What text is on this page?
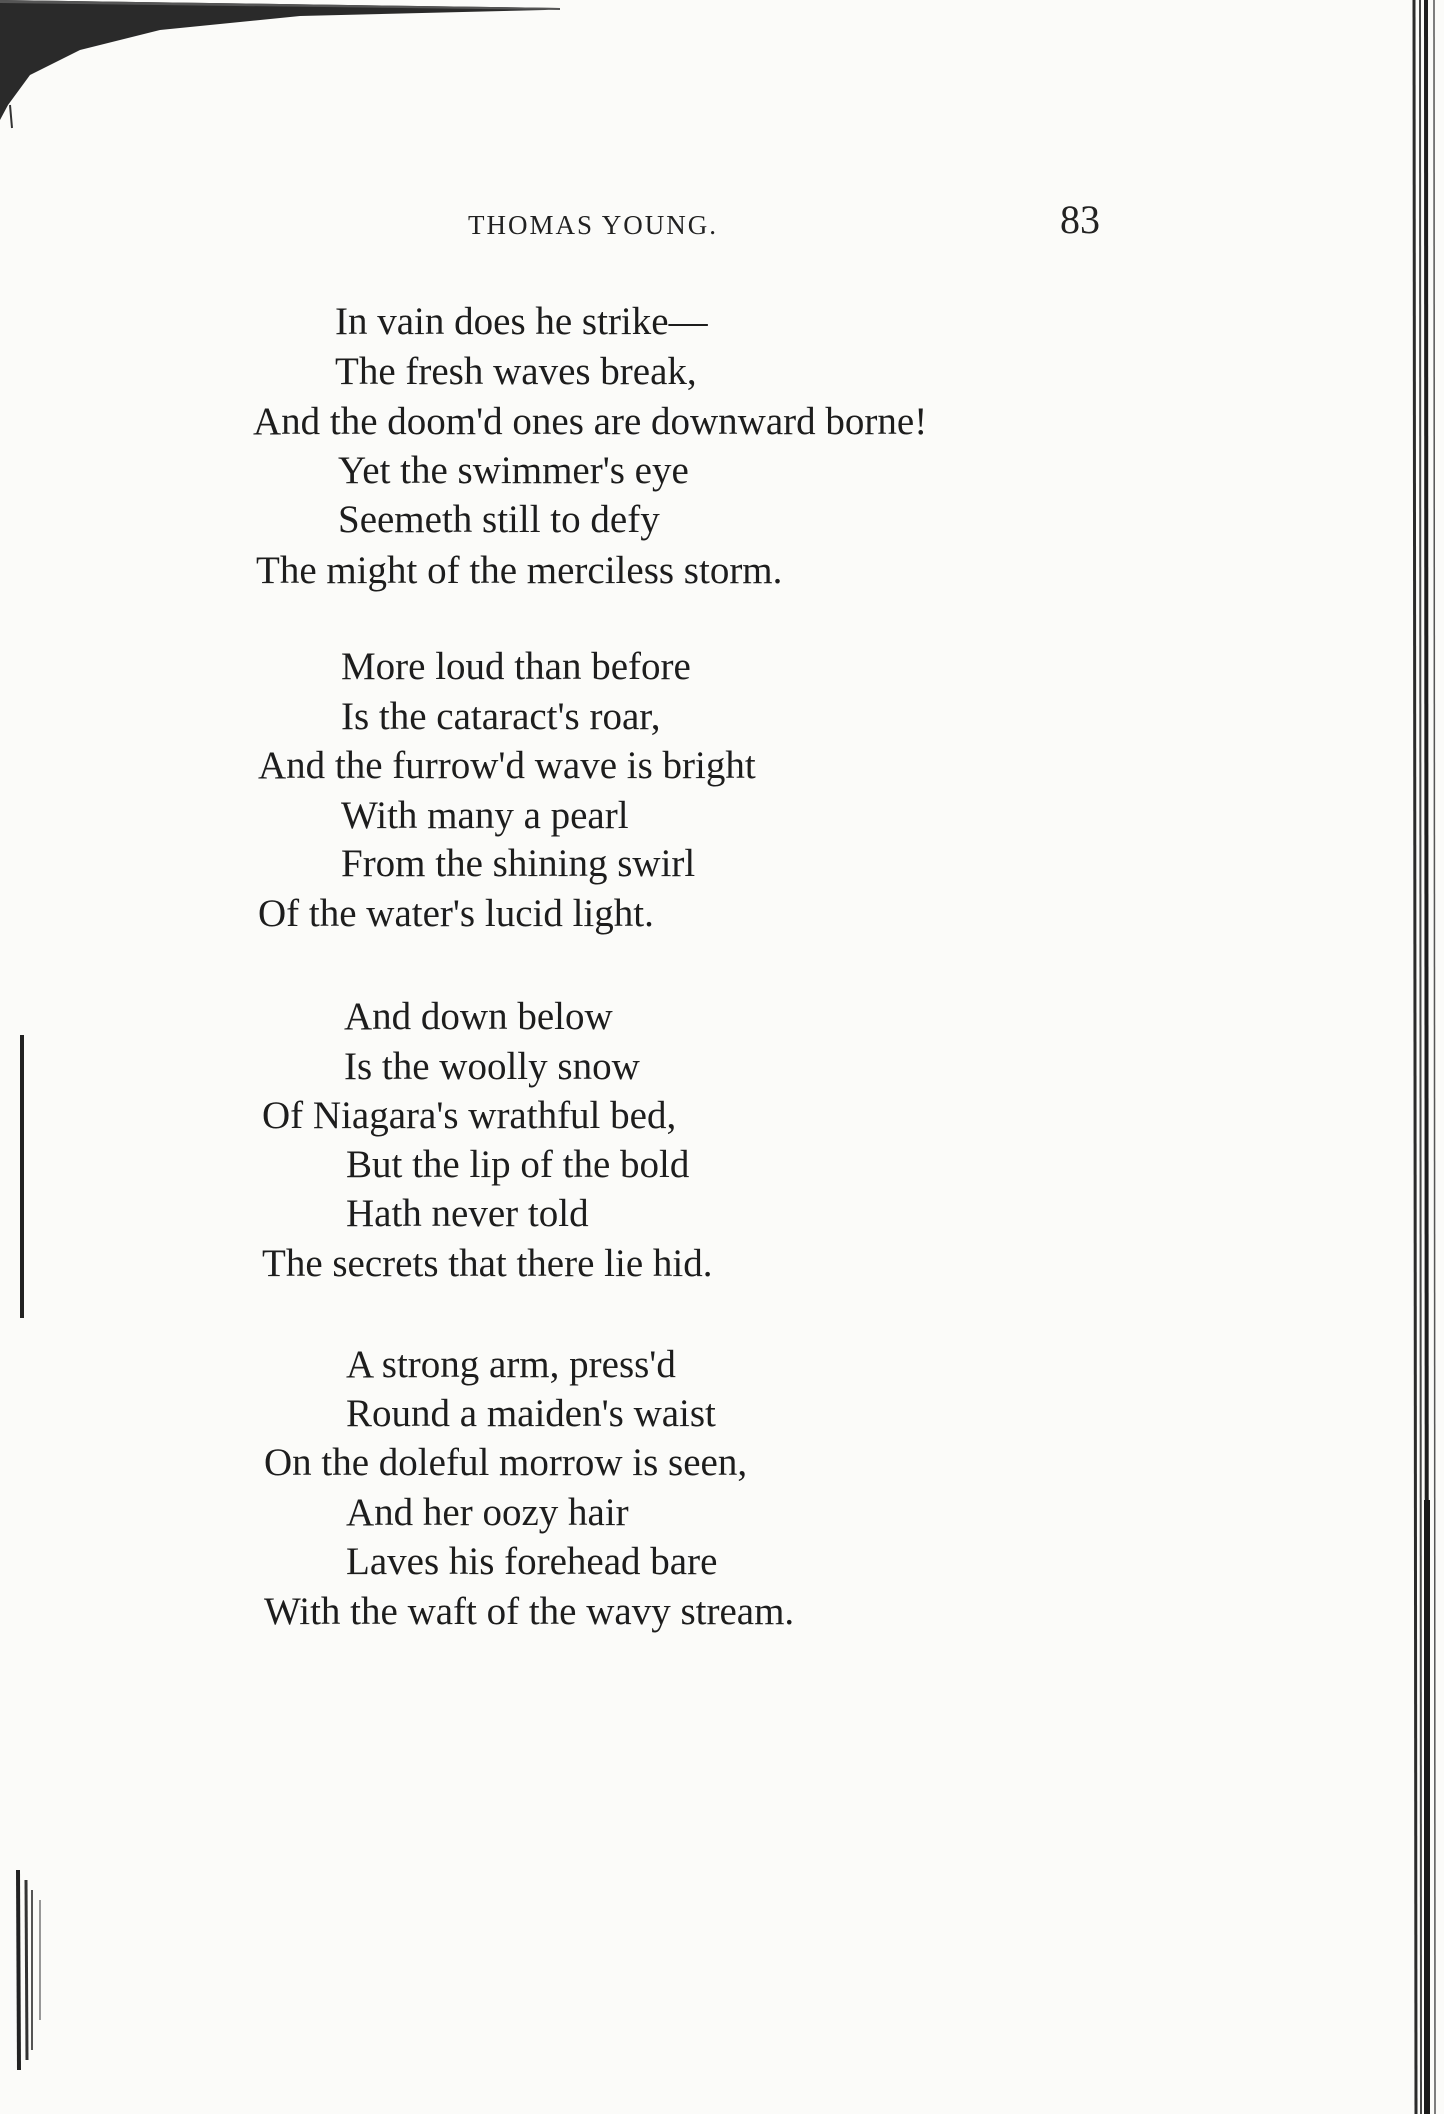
THOMAS YOUNG.	83
In vain does he strike—
The fresh waves break,
And the doom'd ones are downward borne!
Yet the swimmer's eye
Seemeth still to defy
The might of the merciless storm.
More loud than before
Is the cataract's roar,
And the furrow'd wave is bright
With many a pearl
From the shining swirl
Of the water's lucid light.
And down below
Is the woolly snow
Of Niagara's wrathful bed,
But the lip of the bold
Hath never told
The secrets that there lie hid.
A strong arm, press'd
Round a maiden's waist
On the doleful morrow is seen,
And her oozy hair
Laves his forehead bare
With the waft of the wavy stream.
